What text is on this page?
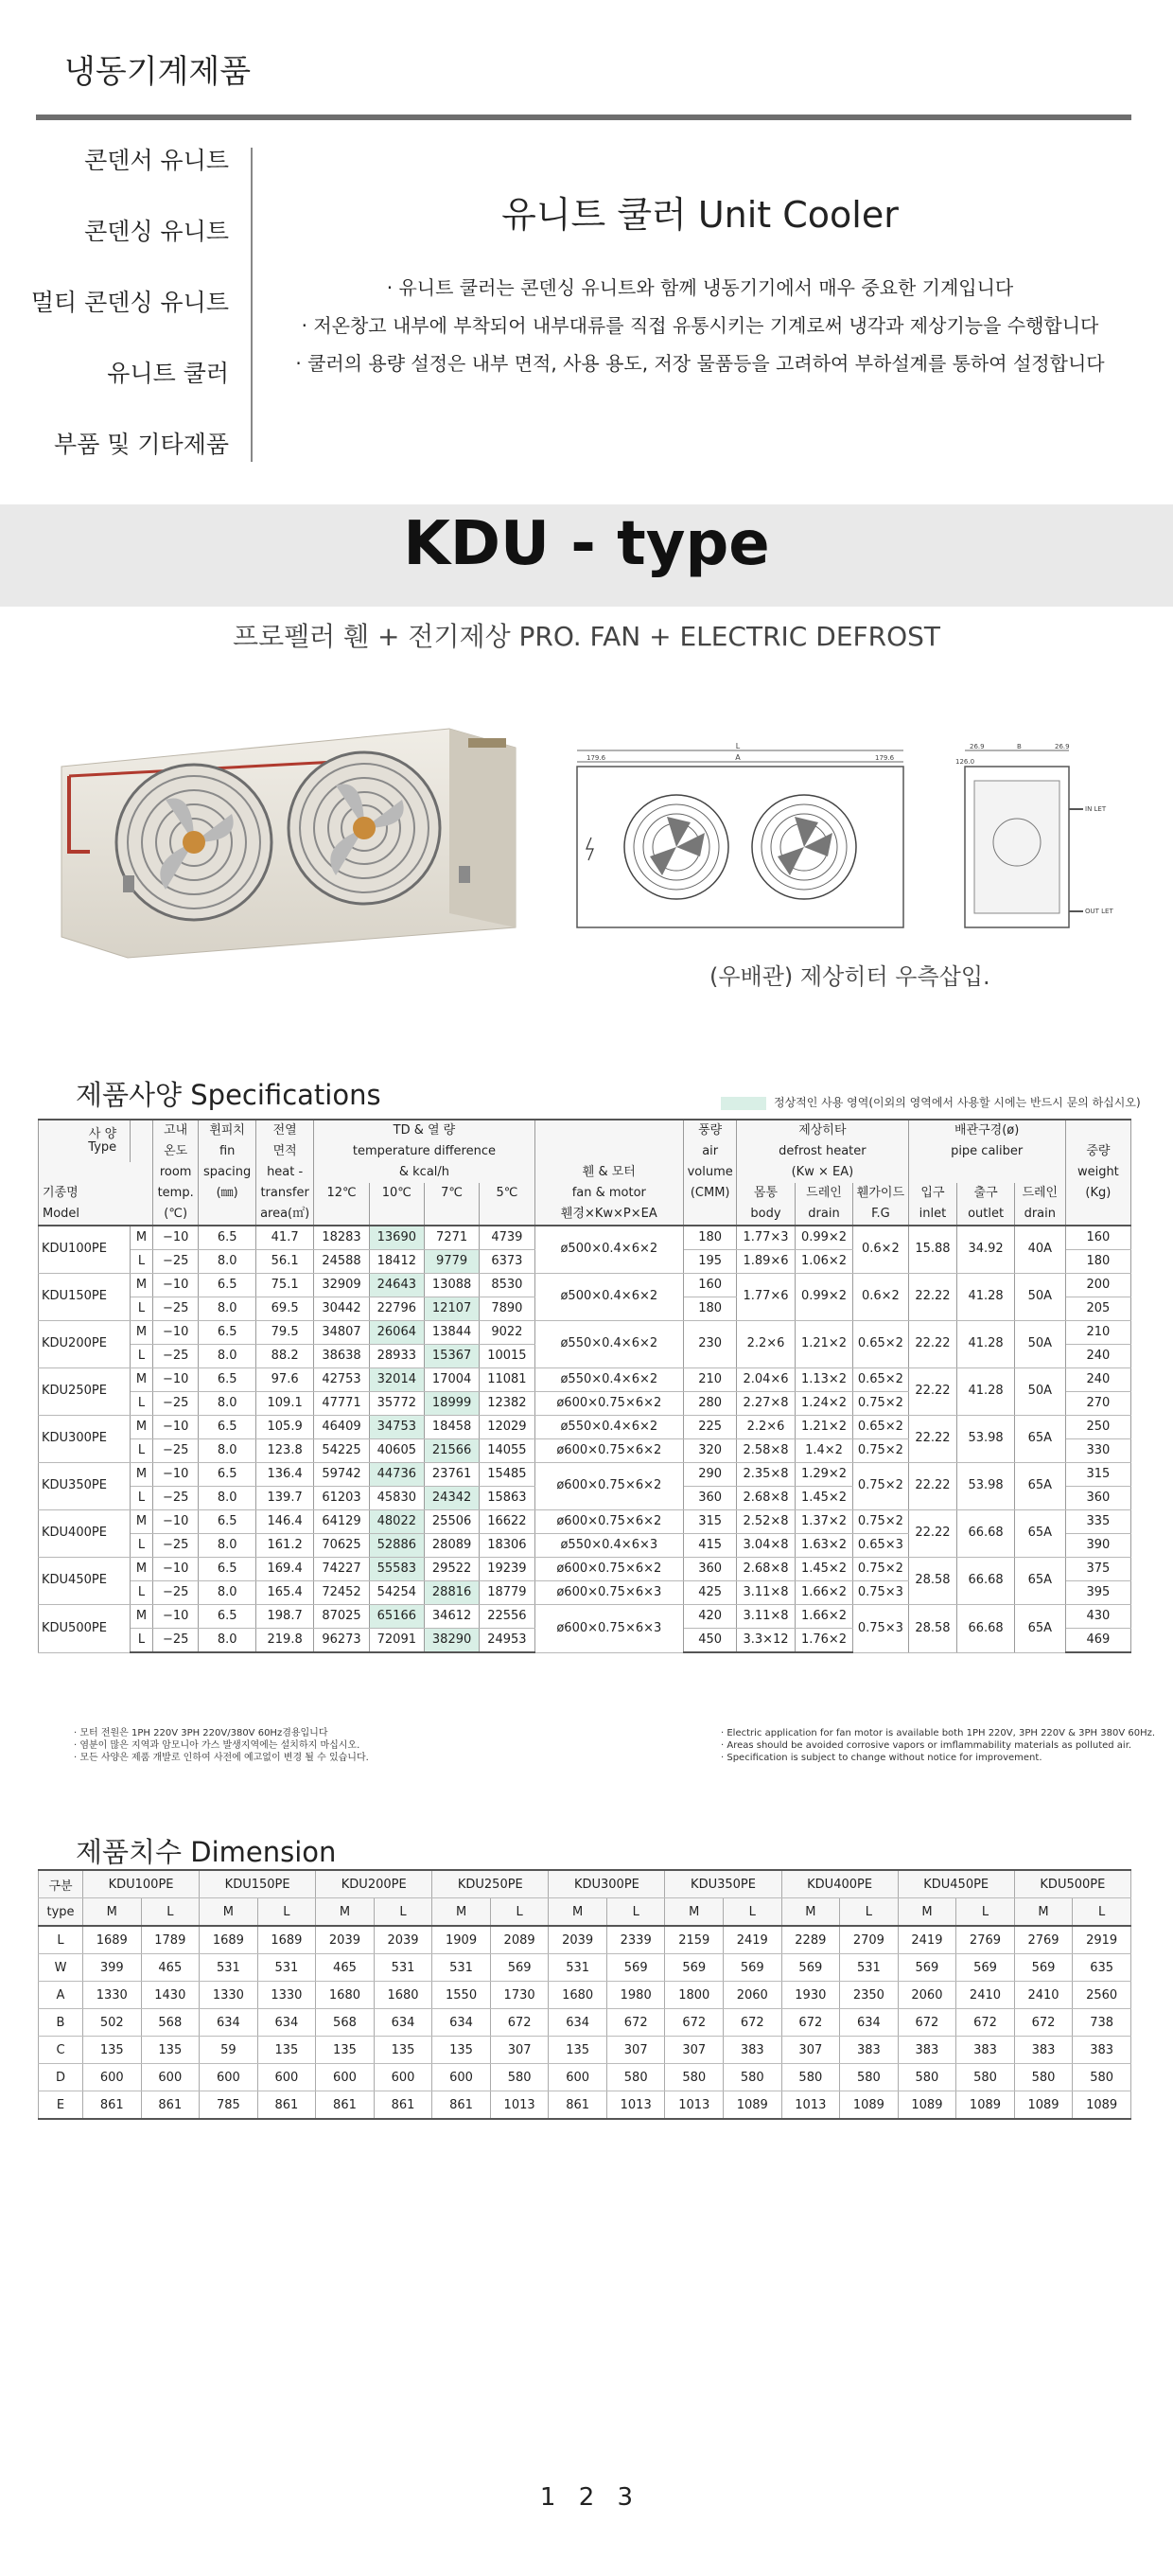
냉동기계제품
콘덴서 유니트
콘덴싱 유니트
멀티 콘덴싱 유니트
유니트 쿨러
부품 및 기타제품
유니트 쿨러 Unit Cooler
· 유니트 쿨러는 콘덴싱 유니트와 함께 냉동기기에서 매우 중요한 기계입니다
· 저온창고 내부에 부착되어 내부대류를 직접 유통시키는 기계로써 냉각과 제상기능을 수행합니다
· 쿨러의 용량 설정은 내부 면적, 사용 용도, 저장 물품등을 고려하여 부하설계를 통하여 설정합니다
KDU - type
프로펠러 휀 + 전기제상 PRO. FAN + ELECTRIC DEFROST
L
A
179.6	179.6
26.9	B	26.9
126.0
IN LET
OUT LET
(우배관) 제상히터 우측삽입.
제품사양 Specifications	정상적인 사용 영역(이외의 영역에서 사용할 시에는 반드시 문의 하십시오)
사 양
Type		고내	휜피치	전열	TD & 열 량					풍량	제상히타			배관구경(ø)			
		온도	fin	면적	temperature difference					air	defrost heater			pipe caliber			중량
		room	spacing	heat -	& kcal/h				휀 & 모터	volume	(Kw × EA)						weight
기종명		temp.	(㎜)	transfer	12℃	10℃	7℃	5℃	fan & motor	(CMM)	몸통	드레인	휀가이드	입구	출구	드레인	(Kg)
Model		(℃)		area(㎡)					휀경×Kw×P×EA		body	drain	F.G	inlet	outlet	drain	
KDU100PE	M	−10	6.5	41.7	18283	13690	7271	4739	ø500×0.4×6×2	180	1.77×3	0.99×2	0.6×2	15.88	34.92	40A	160
	L	−25	8.0	56.1	24588	18412	9779	6373		195	1.89×6	1.06×2					180
KDU150PE	M	−10	6.5	75.1	32909	24643	13088	8530	ø500×0.4×6×2	160	1.77×6	0.99×2	0.6×2	22.22	41.28	50A	200
	L	−25	8.0	69.5	30442	22796	12107	7890		180							205
KDU200PE	M	−10	6.5	79.5	34807	26064	13844	9022	ø550×0.4×6×2	230	2.2×6	1.21×2	0.65×2	22.22	41.28	50A	210
	L	−25	8.0	88.2	38638	28933	15367	10015									240
KDU250PE	M	−10	6.5	97.6	42753	32014	17004	11081	ø550×0.4×6×2	210	2.04×6	1.13×2	0.65×2	22.22	41.28	50A	240
	L	−25	8.0	109.1	47771	35772	18999	12382	ø600×0.75×6×2	280	2.27×8	1.24×2	0.75×2				270
KDU300PE	M	−10	6.5	105.9	46409	34753	18458	12029	ø550×0.4×6×2	225	2.2×6	1.21×2	0.65×2	22.22	53.98	65A	250
	L	−25	8.0	123.8	54225	40605	21566	14055	ø600×0.75×6×2	320	2.58×8	1.4×2	0.75×2				330
KDU350PE	M	−10	6.5	136.4	59742	44736	23761	15485	ø600×0.75×6×2	290	2.35×8	1.29×2	0.75×2	22.22	53.98	65A	315
	L	−25	8.0	139.7	61203	45830	24342	15863		360	2.68×8	1.45×2					360
KDU400PE	M	−10	6.5	146.4	64129	48022	25506	16622	ø600×0.75×6×2	315	2.52×8	1.37×2	0.75×2	22.22	66.68	65A	335
	L	−25	8.0	161.2	70625	52886	28089	18306	ø550×0.4×6×3	415	3.04×8	1.63×2	0.65×3				390
KDU450PE	M	−10	6.5	169.4	74227	55583	29522	19239	ø600×0.75×6×2	360	2.68×8	1.45×2	0.75×2	28.58	66.68	65A	375
	L	−25	8.0	165.4	72452	54254	28816	18779	ø600×0.75×6×3	425	3.11×8	1.66×2	0.75×3				395
KDU500PE	M	−10	6.5	198.7	87025	65166	34612	22556	ø600×0.75×6×3	420	3.11×8	1.66×2	0.75×3	28.58	66.68	65A	430
	L	−25	8.0	219.8	96273	72091	38290	24953		450	3.3×12	1.76×2					469
· 모터 전원은 1PH 220V 3PH 220V/380V 60Hz겸용입니다
· 염분이 많은 지역과 암모니아 가스 발생지역에는 설치하지 마십시오.
· 모든 사양은 제품 개발로 인하여 사전에 예고없이 변경 될 수 있습니다.
· Electric application for fan motor is available both 1PH 220V, 3PH 220V & 3PH 380V 60Hz.
· Areas should be avoided corrosive vapors or imflammability materials as polluted air.
· Specification is subject to change without notice for improvement.
제품치수 Dimension
구분	KDU100PE		KDU150PE		KDU200PE		KDU250PE		KDU300PE		KDU350PE		KDU400PE		KDU450PE		KDU500PE	
type	M	L	M	L	M	L	M	L	M	L	M	L	M	L	M	L	M	L
L	1689	1789	1689	1689	2039	2039	1909	2089	2039	2339	2159	2419	2289	2709	2419	2769	2769	2919
W	399	465	531	531	465	531	531	569	531	569	569	569	569	531	569	569	569	635
A	1330	1430	1330	1330	1680	1680	1550	1730	1680	1980	1800	2060	1930	2350	2060	2410	2410	2560
B	502	568	634	634	568	634	634	672	634	672	672	672	672	634	672	672	672	738
C	135	135	59	135	135	135	135	307	135	307	307	383	307	383	383	383	383	383
D	600	600	600	600	600	600	600	580	600	580	580	580	580	580	580	580	580	580
E	861	861	785	861	861	861	861	1013	861	1013	1013	1089	1013	1089	1089	1089	1089	1089
1 2 3
